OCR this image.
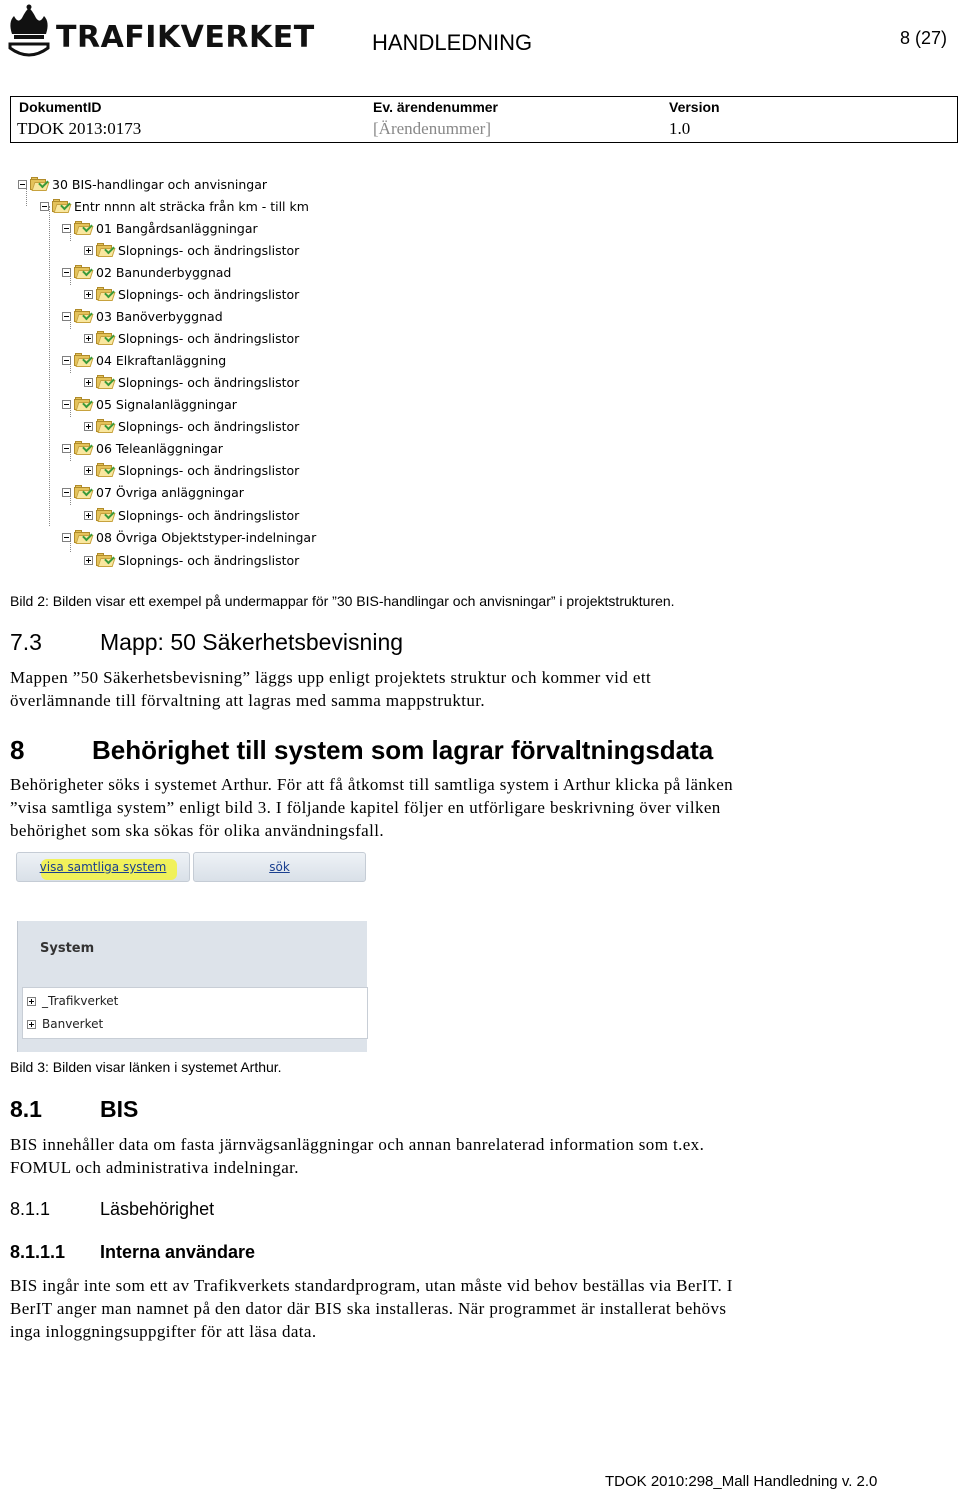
TRAFIKVERKET	HANDLEDNING	8 (27)
DokumentID
TDOK 2013:0173
Ev. ärendenummer
[Ärendenummer]
Version
1.0
30 BIS-handlingar och anvisningar
Entr nnnn alt sträcka från km - till km
01 Bangårdsanläggningar
Slopnings- och ändringslistor
02 Banunderbyggnad
Slopnings- och ändringslistor
03 Banöverbyggnad
Slopnings- och ändringslistor
04 Elkraftanläggning
Slopnings- och ändringslistor
05 Signalanläggningar
Slopnings- och ändringslistor
06 Teleanläggningar
Slopnings- och ändringslistor
07 Övriga anläggningar
Slopnings- och ändringslistor
08 Övriga Objektstyper-indelningar
Slopnings- och ändringslistor
Bild 2: Bilden visar ett exempel på undermappar för ”30 BIS-handlingar och anvisningar” i projektstrukturen.
7.3	Mapp: 50 Säkerhetsbevisning
Mappen ”50 Säkerhetsbevisning” läggs upp enligt projektets struktur och kommer vid ett
överlämnande till förvaltning att lagras med samma mappstruktur.
8	Behörighet till system som lagrar förvaltningsdata
Behörigheter söks i systemet Arthur. För att få åtkomst till samtliga system i Arthur klicka på länken
”visa samtliga system” enligt bild 3. I följande kapitel följer en utförligare beskrivning över vilken
behörighet som ska sökas för olika användningsfall.
visa samtliga system	sök
System
_Trafikverket
Banverket
Bild 3: Bilden visar länken i systemet Arthur.
8.1	BIS
BIS innehåller data om fasta järnvägsanläggningar och annan banrelaterad information som t.ex.
FOMUL och administrativa indelningar.
8.1.1	Läsbehörighet
8.1.1.1 Interna användare
BIS ingår inte som ett av Trafikverkets standardprogram, utan måste vid behov beställas via BerIT. I
BerIT anger man namnet på den dator där BIS ska installeras. När programmet är installerat behövs
inga inloggningsuppgifter för att läsa data.
TDOK 2010:298_Mall Handledning v. 2.0
